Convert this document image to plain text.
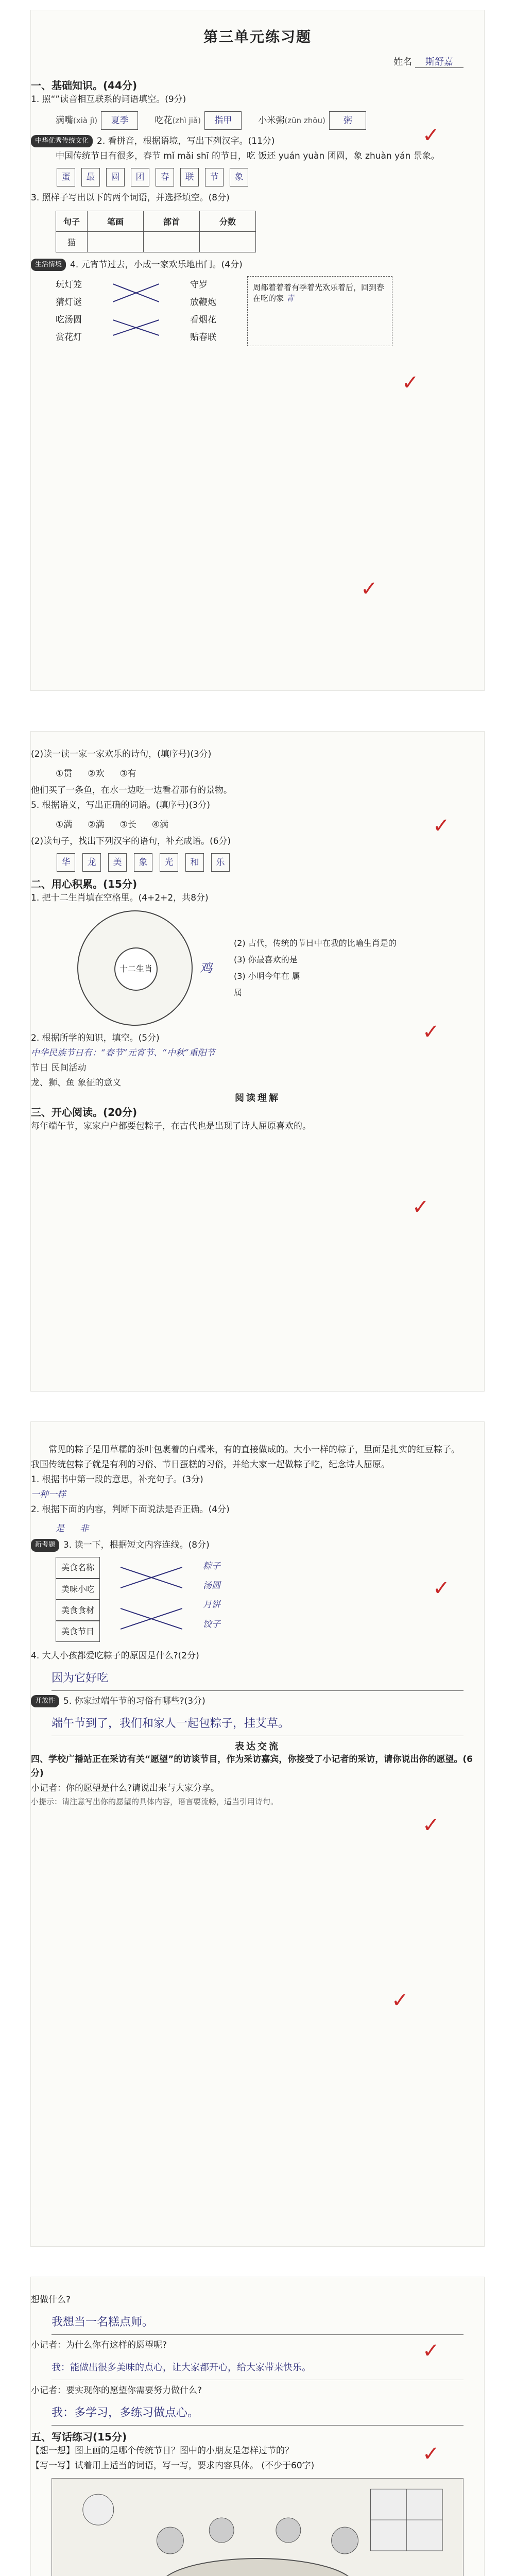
第三单元练习题

姓名 斯舒嘉

一、基础知识。(44分)

1. 照“”读音相互联系的词语填空。(9分)

满嘴(xià jì) 夏季	吃花(zhì jiǎ) 指甲	小米粥(zūn zhōu) 粥

中华优秀传统文化 2. 看拼音，根据语境，写出下列汉字。(11分)

中国传统节日有很多，春节 mǐ mǎi shī 的节日，吃 饭还 yuán yuàn 团圆，象 zhuàn yán 景象。

蛋	最	圆	团	春	联	节	象

3. 照样子写出以下的两个词语，并选择填空。(8分)

句子	笔画	部首	分数
猫			

生活情境 4. 元宵节过去，小成一家欢乐地出门。(4分)

玩灯笼
猜灯谜
吃汤圆
赏花灯
守岁
放鞭炮
看烟花
贴春联
周都着着着有季着光欢乐着后，回到春在吃的家 青
✓
✓
✓

(2)读一读一家一家欢乐的诗句，(填序号)(3分)

①贯 ②欢 ③有

他们买了一条鱼，在水一边吃一边看着那有的景物。

5. 根据语义，写出正确的词语。(填序号)(3分)

①满 ②满 ③长 ④满

(2)读句子，找出下列汉字的语句，补充成语。(6分)

华	龙	美	象	光	和	乐

二、用心积累。(15分)

1. 把十二生肖填在空格里。(4+2+2，共8分)

十二生肖	鸡
(2) 古代，传统的节日中在我的比喻生肖是的
(3) 你最喜欢的是
(3) 小明今年在 属
属

2. 根据所学的知识，填空。(5分)

中华民族节日有：“春节”元宵节、“中秋”重阳节

节日 民间活动

龙、狮、鱼 象征的意义

阅读理解

三、开心阅读。(20分)

每年端午节，家家户户都要包粽子，在古代也是出现了诗人屈原喜欢的。

✓
✓
✓

常见的粽子是用草糯的茶叶包裹着的白糯米，有的直接做成的。大小一样的粽子，里面是扎实的红豆粽子。我国传统包粽子就是有利的习俗、节日蛋糕的习俗，并给大家一起做粽子吃，纪念诗人屈原。

1. 根据书中第一段的意思，补充句子。(3分)

一种一样

2. 根据下面的内容，判断下面说法是否正确。(4分)

是 非

新考题 3. 读一下，根据短文内容连线。(8分)

美食名称
美味小吃
美食食材
美食节日
粽子
汤圆
月饼
饺子

4. 大人小孩都爱吃粽子的原因是什么?(2分)

因为它好吃

开放性 5. 你家过端午节的习俗有哪些?(3分)

端午节到了，我们和家人一起包粽子，挂艾草。

表达交流

四、学校广播站正在采访有关“愿望”的访谈节目，作为采访嘉宾，你接受了小记者的采访，请你说出你的愿望。(6分)

小记者：你的愿望是什么?请说出来与大家分享。

小提示：请注意写出你的愿望的具体内容，语言要流畅，适当引用诗句。

✓
✓
✓

想做什么?

我想当一名糕点师。

小记者：为什么你有这样的愿望呢?

我：能做出很多美味的点心，让大家都开心，给大家带来快乐。

小记者：要实现你的愿望你需要努力做什么?

我：多学习，多练习做点心。

五、写话练习(15分)

【想一想】图上画的是哪个传统节日？图中的小朋友是怎样过节的？

【写一写】试着用上适当的词语，写一写，要求内容具体。 (不少于60字)

✓
✓
